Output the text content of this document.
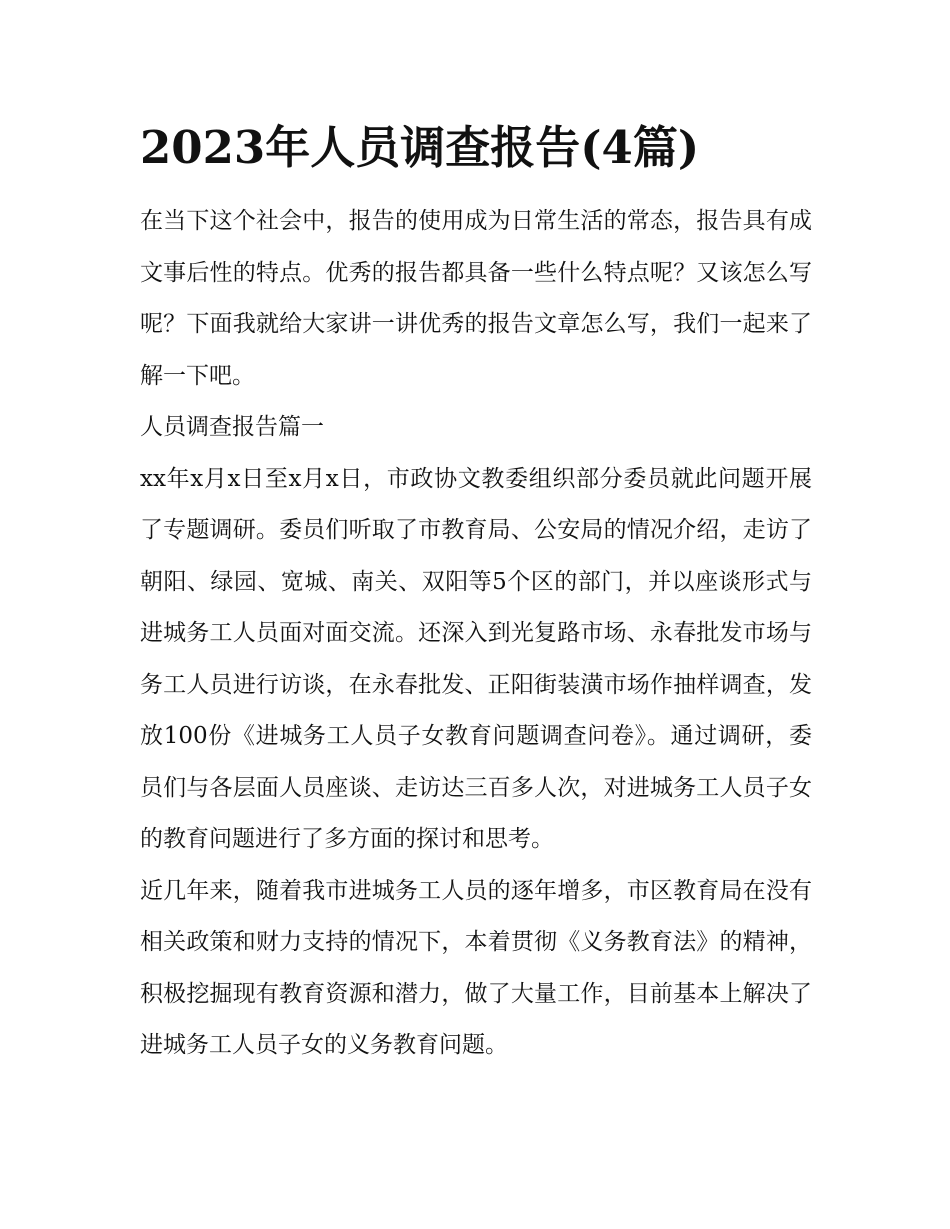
2023年人员调查报告(4篇)

在当下这个社会中，报告的使用成为日常生活的常态，报告具有成文事后性的特点。优秀的报告都具备一些什么特点呢？又该怎么写呢？下面我就给大家讲一讲优秀的报告文章怎么写，我们一起来了解一下吧。

人员调查报告篇一

xx年x月x日至x月x日，市政协文教委组织部分委员就此问题开展了专题调研。委员们听取了市教育局、公安局的情况介绍，走访了朝阳、绿园、宽城、南关、双阳等5个区的部门，并以座谈形式与进城务工人员面对面交流。还深入到光复路市场、永春批发市场与务工人员进行访谈，在永春批发、正阳街装潢市场作抽样调查，发放100份《进城务工人员子女教育问题调查问卷》。通过调研，委员们与各层面人员座谈、走访达三百多人次，对进城务工人员子女的教育问题进行了多方面的探讨和思考。

近几年来，随着我市进城务工人员的逐年增多，市区教育局在没有相关政策和财力支持的情况下，本着贯彻《义务教育法》的精神，积极挖掘现有教育资源和潜力，做了大量工作，目前基本上解决了进城务工人员子女的义务教育问题。
